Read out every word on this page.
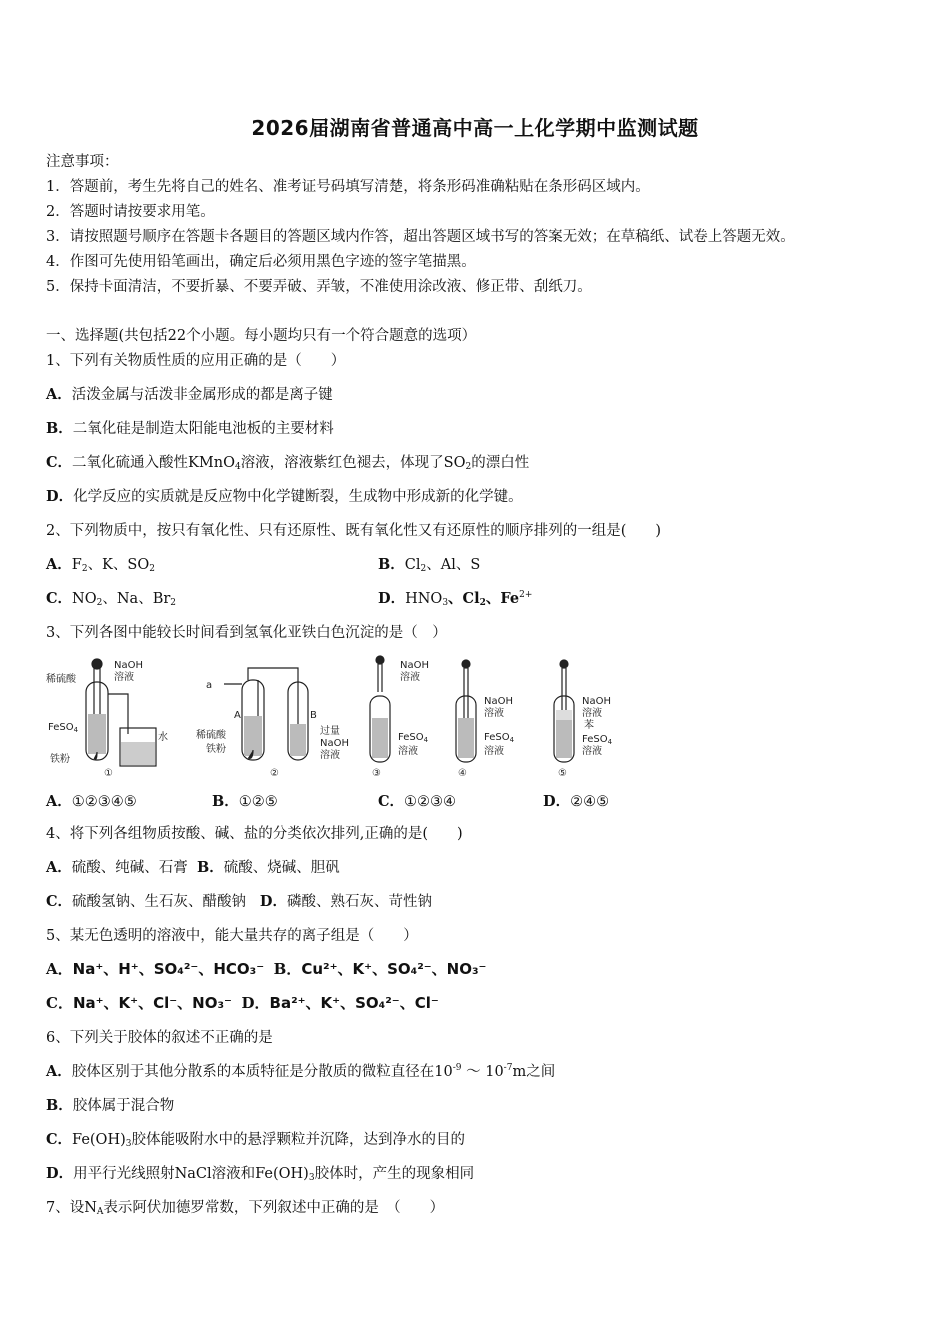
2026届湖南省普通高中高一上化学期中监测试题
注意事项：
1．答题前，考生先将自己的姓名、准考证号码填写清楚，将条形码准确粘贴在条形码区域内。
2．答题时请按要求用笔。
3．请按照题号顺序在答题卡各题目的答题区域内作答，超出答题区域书写的答案无效；在草稿纸、试卷上答题无效。
4．作图可先使用铅笔画出，确定后必须用黑色字迹的签字笔描黑。
5．保持卡面清洁，不要折暴、不要弄破、弄皱，不准使用涂改液、修正带、刮纸刀。
一、选择题(共包括22个小题。每小题均只有一个符合题意的选项）
1、下列有关物质性质的应用正确的是（　　）
A．活泼金属与活泼非金属形成的都是离子键
B．二氧化硅是制造太阳能电池板的主要材料
C．二氧化硫通入酸性KMnO$_4$溶液，溶液紫红色褪去，体现了$SO_2$的漂白性
D．化学反应的实质就是反应物中化学键断裂，生成物中形成新的化学键。
2、下列物质中，按只有氧化性、只有还原性、既有氧化性又有还原性的顺序排列的一组是(　　)
A．$F_2$、K、$SO_2$	B．$Cl_2$、Al、S
C．$NO_2$、Na、$Br_2$	D．$HNO_3$、$Cl_2$、$Fe^{2+}$
3、下列各图中能较长时间看到氢氧化亚铁白色沉淀的是（　）
稀硫酸
NaOH
溶液
FeSO$_4$
铁粉
水
①
a
A	B
稀硫酸
铁粉
过量
NaOH
溶液
②
NaOH
溶液
FeSO$_4$
溶液
③
NaOH
溶液
FeSO$_4$
溶液
④
NaOH
溶液
苯
FeSO$_4$
溶液
⑤
A．①②③④⑤	B．①②⑤	C．①②③④	D．②④⑤
4、将下列各组物质按酸、碱、盐的分类依次排列,正确的是(　　)
A．硫酸、纯碱、石膏 B．硫酸、烧碱、胆矾
C．硫酸氢钠、生石灰、醋酸钠 D．磷酸、熟石灰、苛性钠
5、某无色透明的溶液中，能大量共存的离子组是（　　）
A．Na⁺、H⁺、SO₄²⁻、HCO₃⁻ B．Cu²⁺、K⁺、SO₄²⁻、NO₃⁻
C．Na⁺、K⁺、Cl⁻、NO₃⁻ D．Ba²⁺、K⁺、SO₄²⁻、Cl⁻
6、下列关于胶体的叙述不正确的是
A．胶体区别于其他分散系的本质特征是分散质的微粒直径在$10^{-9}$ ～ $10^{-7}m$之间
B．胶体属于混合物
C．$Fe(OH)_3$胶体能吸附水中的悬浮颗粒并沉降，达到净水的目的
D．用平行光线照射NaCl溶液和$Fe(OH)_3$胶体时，产生的现象相同
7、设$N_A$表示阿伏加德罗常数，下列叙述中正确的是　（　　）
